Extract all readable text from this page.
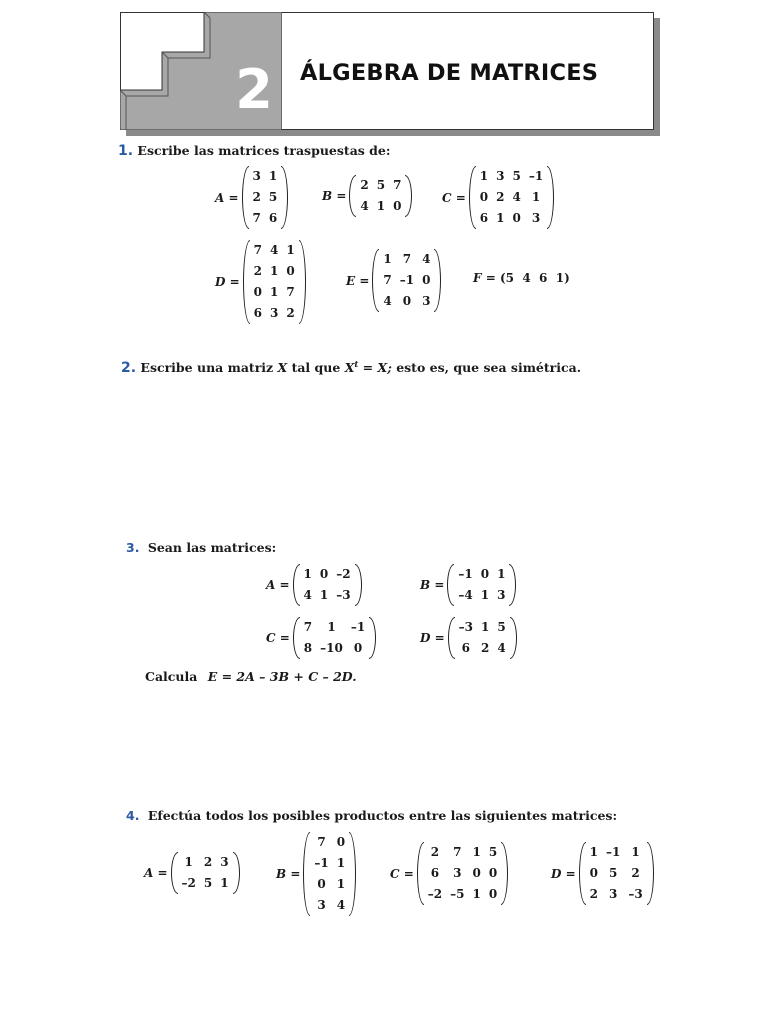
2	ÁLGEBRA DE MATRICES
1. Escribe las matrices traspuestas de:
A =
3	1
2	5
7	6
B =
2	5	7
4	1	0
C =
1	3	5	–1
0	2	4	1
6	1	0	3
D =
7	4	1
2	1	0
0	1	7
6	3	2
E =
1	7	4
7	–1	0
4	0	3
F = (5  4  6  1)
2. Escribe una matriz X tal que $X^t = X$; esto es, que sea simétrica.
3. Sean las matrices:
A =
1	0	–2
4	1	–3
B =
–1	0	1
–4	1	3
C =
7	1	–1
8	–10	0
D =
–3	1	5
6	2	4
Calcula E = 2A – 3B + C – 2D.
4. Efectúa todos los posibles productos entre las siguientes matrices:
A =
1	2	3
–2	5	1
B =
7	0
–1	1
0	1
3	4
C =
2	7	1	5
6	3	0	0
–2	–5	1	0
D =
1	–1	1
0	5	2
2	3	–3
